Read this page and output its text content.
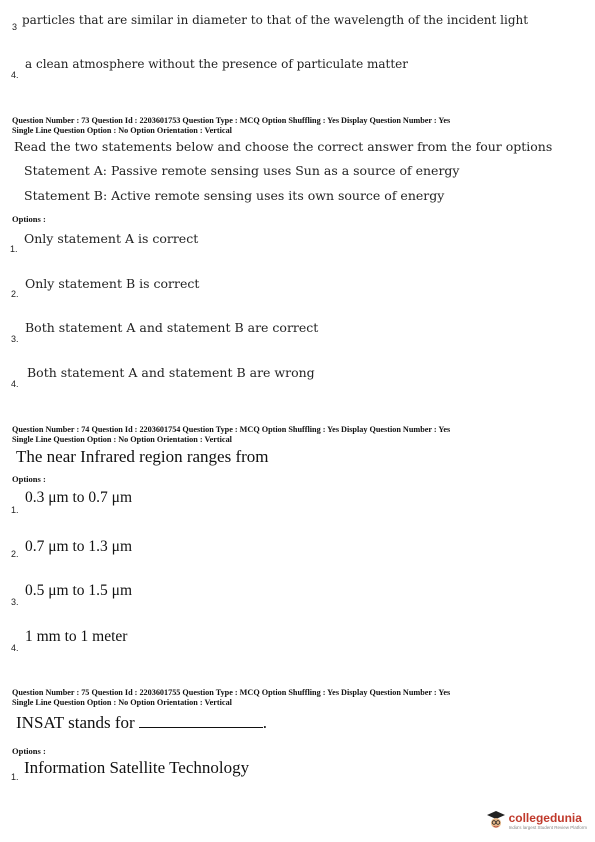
3 particles that are similar in diameter to that of the wavelength of the incident light
4.
a clean atmosphere without the presence of particulate matter
Question Number : 73 Question Id : 2203601753 Question Type : MCQ Option Shuffling : Yes Display Question Number : Yes
Single Line Question Option : No Option Orientation : Vertical
Read the two statements below and choose the correct answer from the four options
Statement A: Passive remote sensing uses Sun as a source of energy
Statement B: Active remote sensing uses its own source of energy
Options :
1.
Only statement A is correct
2.
Only statement B is correct
3.
Both statement A and statement B are correct
4.
Both statement A and statement B are wrong
Question Number : 74 Question Id : 2203601754 Question Type : MCQ Option Shuffling : Yes Display Question Number : Yes
Single Line Question Option : No Option Orientation : Vertical
The near Infrared region ranges from
Options :
1.
0.3 μm to 0.7 μm
2. 0.7 μm to 1.3 μm
3.
0.5 μm to 1.5 μm
4.
1 mm to 1 meter
Question Number : 75 Question Id : 2203601755 Question Type : MCQ Option Shuffling : Yes Display Question Number : Yes
Single Line Question Option : No Option Orientation : Vertical
INSAT stands for	.
Options :
1. Information Satellite Technology
collegedunia
India's largest Student Review Platform
